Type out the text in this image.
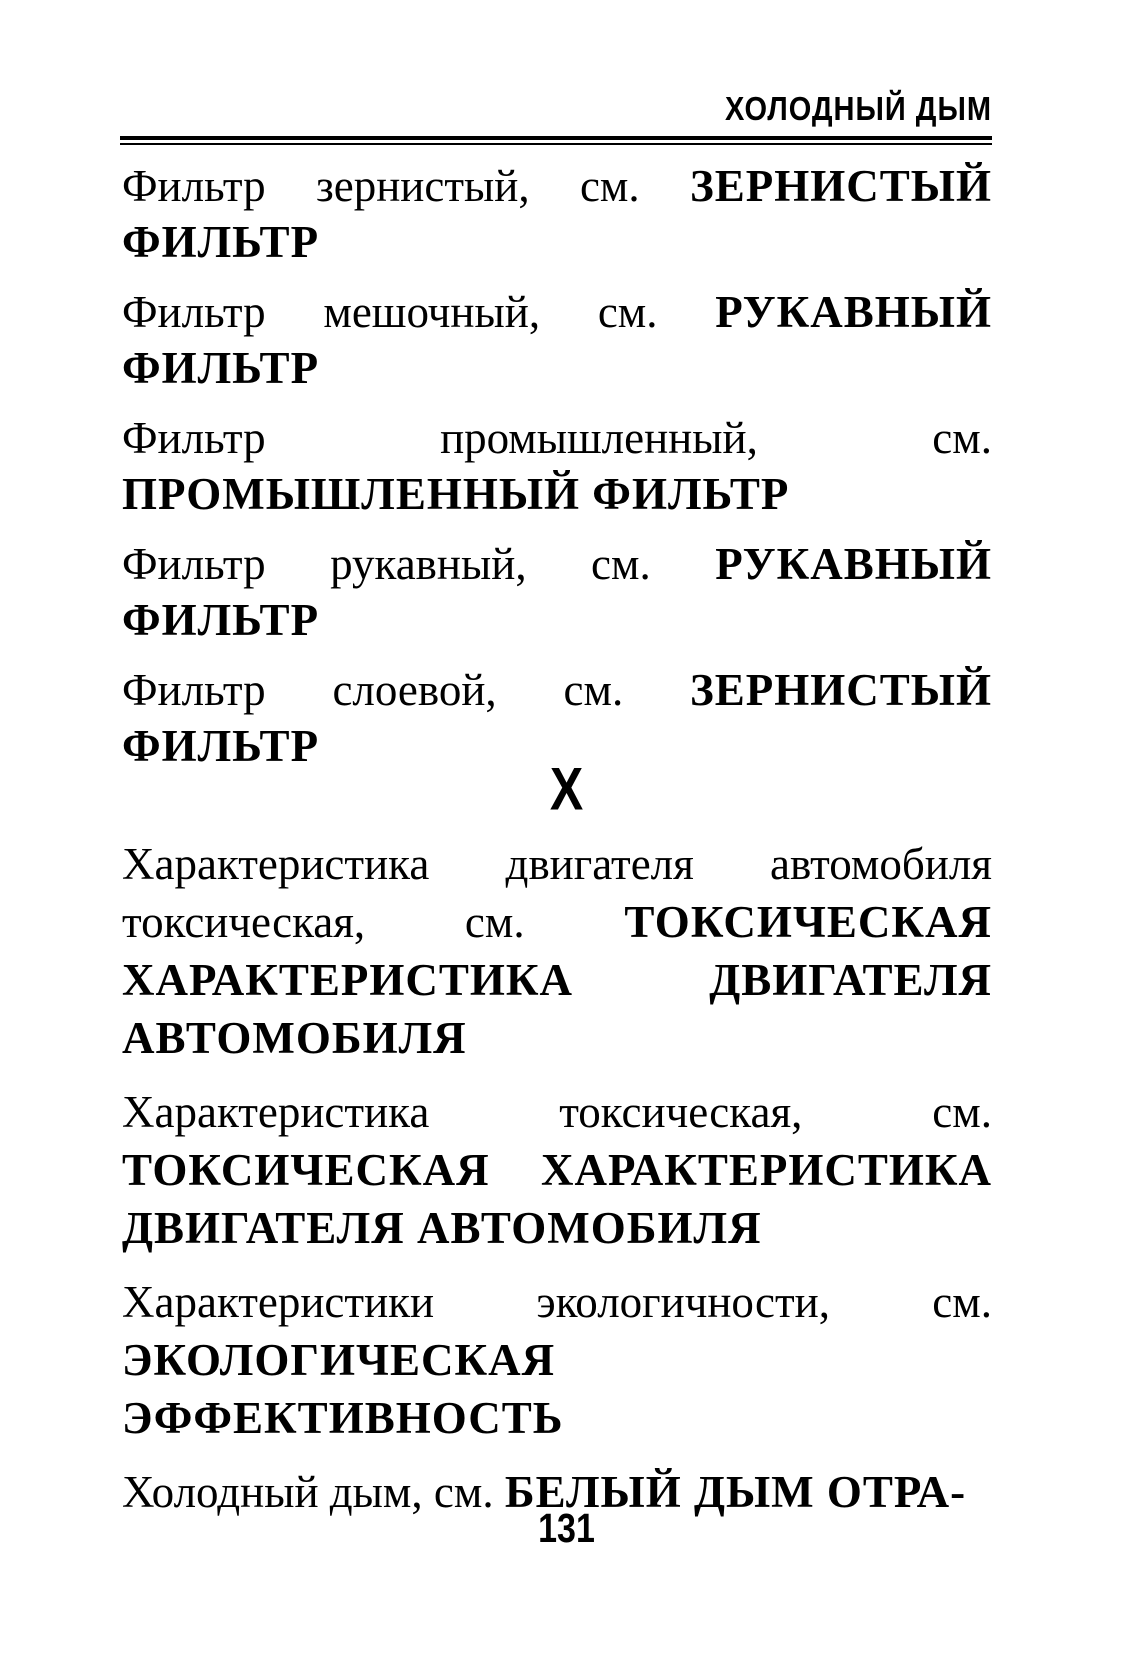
ХОЛОДНЫЙ ДЫМ

Фильтр зернистый, см. ЗЕРНИСТЫЙ ФИЛЬТР

Фильтр мешочный, см. РУКАВНЫЙ ФИЛЬТР

Фильтр промышленный, см. ПРОМЫШЛЕННЫЙ ФИЛЬТР

Фильтр рукавный, см. РУКАВНЫЙ ФИЛЬТР

Фильтр слоевой, см. ЗЕРНИСТЫЙ ФИЛЬТР

Х

Характеристика двигателя автомобиля токсическая, см. ТОКСИЧЕСКАЯ ХАРАКТЕРИСТИКА ДВИГАТЕЛЯ АВТОМОБИЛЯ

Характеристика токсическая, см. ТОКСИЧЕСКАЯ ХАРАКТЕРИСТИКА ДВИГАТЕЛЯ АВТОМОБИЛЯ

Характеристики экологичности, см. ЭКОЛОГИЧЕСКАЯ ЭФФЕКТИВНОСТЬ

Холодный дым, см. БЕЛЫЙ ДЫМ ОТРА-

131
